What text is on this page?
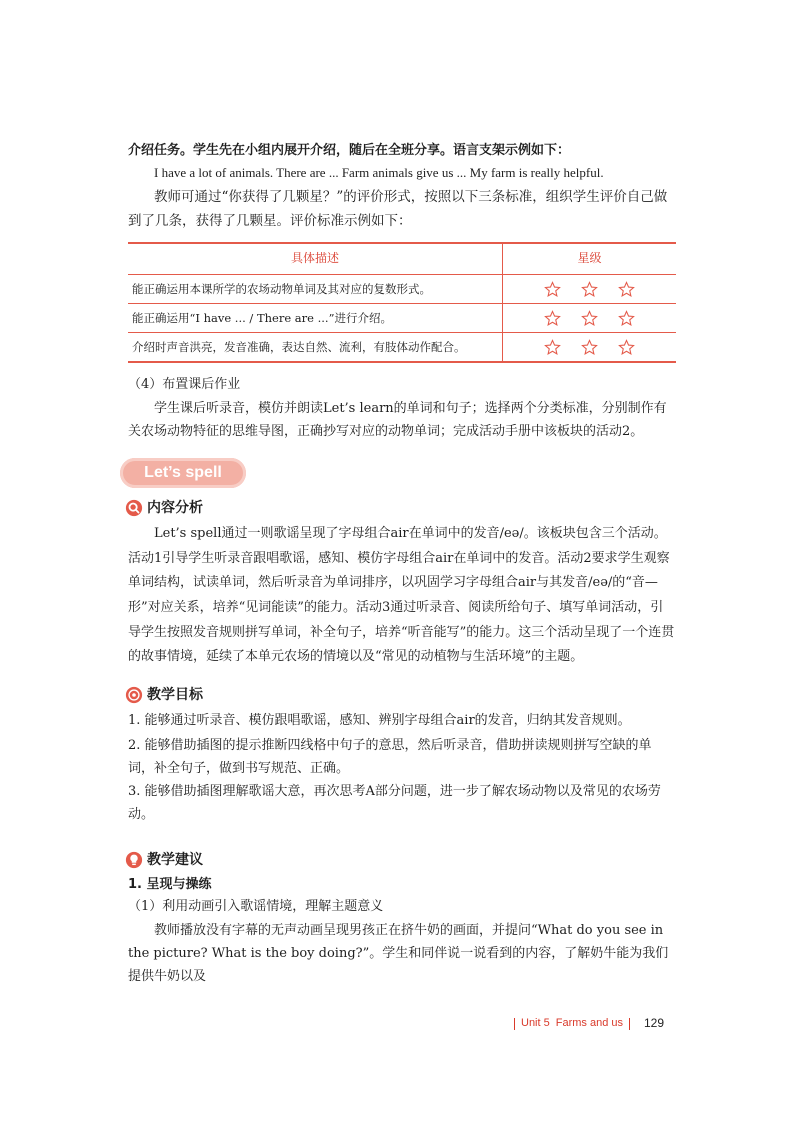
介绍任务。学生先在小组内展开介绍，随后在全班分享。语言支架示例如下：

I have a lot of animals. There are ... Farm animals give us ... My farm is really helpful.

教师可通过“你获得了几颗星？”的评价形式，按照以下三条标准，组织学生评价自己做到了几条，获得了几颗星。评价标准示例如下：

具体描述	星级
能正确运用本课所学的农场动物单词及其对应的复数形式。	
能正确运用“I have ... / There are ...”进行介绍。	
介绍时声音洪亮，发音准确，表达自然、流利，有肢体动作配合。	

（4）布置课后作业

学生课后听录音，模仿并朗读Let’s learn的单词和句子；选择两个分类标准，分别制作有关农场动物特征的思维导图，正确抄写对应的动物单词；完成活动手册中该板块的活动2。

Let’s spell
内容分析

Let’s spell通过一则歌谣呈现了字母组合air在单词中的发音/eə/。该板块包含三个活动。活动1引导学生听录音跟唱歌谣，感知、模仿字母组合air在单词中的发音。活动2要求学生观察单词结构，试读单词，然后听录音为单词排序，以巩固学习字母组合air与其发音/eə/的“音—形”对应关系，培养“见词能读”的能力。活动3通过听录音、阅读所给句子、填写单词活动，引导学生按照发音规则拼写单词，补全句子，培养“听音能写”的能力。这三个活动呈现了一个连贯的故事情境，延续了本单元农场的情境以及“常见的动植物与生活环境”的主题。

教学目标

1. 能够通过听录音、模仿跟唱歌谣，感知、辨别字母组合air的发音，归纳其发音规则。

2. 能够借助插图的提示推断四线格中句子的意思，然后听录音，借助拼读规则拼写空缺的单词，补全句子，做到书写规范、正确。

3. 能够借助插图理解歌谣大意，再次思考A部分问题，进一步了解农场动物以及常见的农场劳动。

教学建议

1. 呈现与操练

（1）利用动画引入歌谣情境，理解主题意义

教师播放没有字幕的无声动画呈现男孩正在挤牛奶的画面，并提问“What do you see in the picture? What is the boy doing?”。学生和同伴说一说看到的内容，了解奶牛能为我们提供牛奶以及

Unit 5 Farms and us 129
